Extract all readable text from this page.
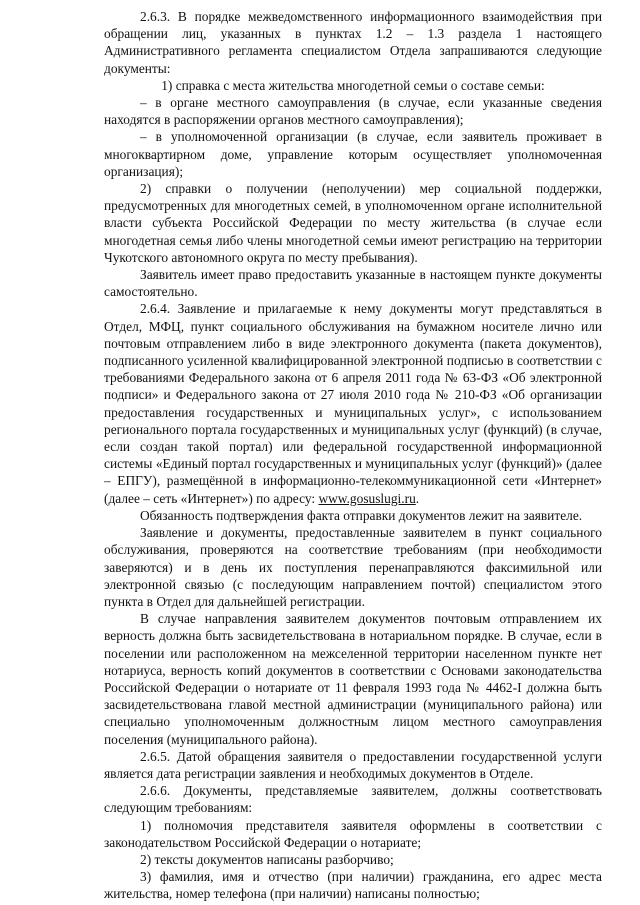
2.6.3. В порядке межведомственного информационного взаимодействия при обращении лиц, указанных в пунктах 1.2 – 1.3 раздела 1 настоящего Административного регламента специалистом Отдела запрашиваются следующие документы:

1) справка с места жительства многодетной семьи о составе семьи:

– в органе местного самоуправления (в случае, если указанные сведения находятся в распоряжении органов местного самоуправления);

– в уполномоченной организации (в случае, если заявитель проживает в многоквартирном доме, управление которым осуществляет уполномоченная организация);

2) справки о получении (неполучении) мер социальной поддержки, предусмотренных для многодетных семей, в уполномоченном органе исполнительной власти субъекта Российской Федерации по месту жительства (в случае если многодетная семья либо члены многодетной семьи имеют регистрацию на территории Чукотского автономного округа по месту пребывания).

Заявитель имеет право предоставить указанные в настоящем пункте документы самостоятельно.

2.6.4. Заявление и прилагаемые к нему документы могут представляться в Отдел, МФЦ, пункт социального обслуживания на бумажном носителе лично или почтовым отправлением либо в виде электронного документа (пакета документов), подписанного усиленной квалифицированной электронной подписью в соответствии с требованиями Федерального закона от 6 апреля 2011 года № 63-ФЗ «Об электронной подписи» и Федерального закона от 27 июля 2010 года № 210-ФЗ «Об организации предоставления государственных и муниципальных услуг», с использованием регионального портала государственных и муниципальных услуг (функций) (в случае, если создан такой портал) или федеральной государственной информационной системы «Единый портал государственных и муниципальных услуг (функций)» (далее – ЕПГУ), размещённой в информационно-телекоммуникационной сети «Интернет» (далее – сеть «Интернет») по адресу: www.gosuslugi.ru.

Обязанность подтверждения факта отправки документов лежит на заявителе.

Заявление и документы, предоставленные заявителем в пункт социального обслуживания, проверяются на соответствие требованиям (при необходимости заверяются) и в день их поступления перенаправляются факсимильной или электронной связью (с последующим направлением почтой) специалистом этого пункта в Отдел для дальнейшей регистрации.

В случае направления заявителем документов почтовым отправлением их верность должна быть засвидетельствована в нотариальном порядке. В случае, если в поселении или расположенном на межселенной территории населенном пункте нет нотариуса, верность копий документов в соответствии с Основами законодательства Российской Федерации о нотариате от 11 февраля 1993 года № 4462-I должна быть засвидетельствована главой местной администрации (муниципального района) или специально уполномоченным должностным лицом местного самоуправления поселения (муниципального района).

2.6.5. Датой обращения заявителя о предоставлении государственной услуги является дата регистрации заявления и необходимых документов в Отделе.

2.6.6. Документы, представляемые заявителем, должны соответствовать следующим требованиям:

1) полномочия представителя заявителя оформлены в соответствии с законодательством Российской Федерации о нотариате;

2) тексты документов написаны разборчиво;

3) фамилия, имя и отчество (при наличии) гражданина, его адрес места жительства, номер телефона (при наличии) написаны полностью;
